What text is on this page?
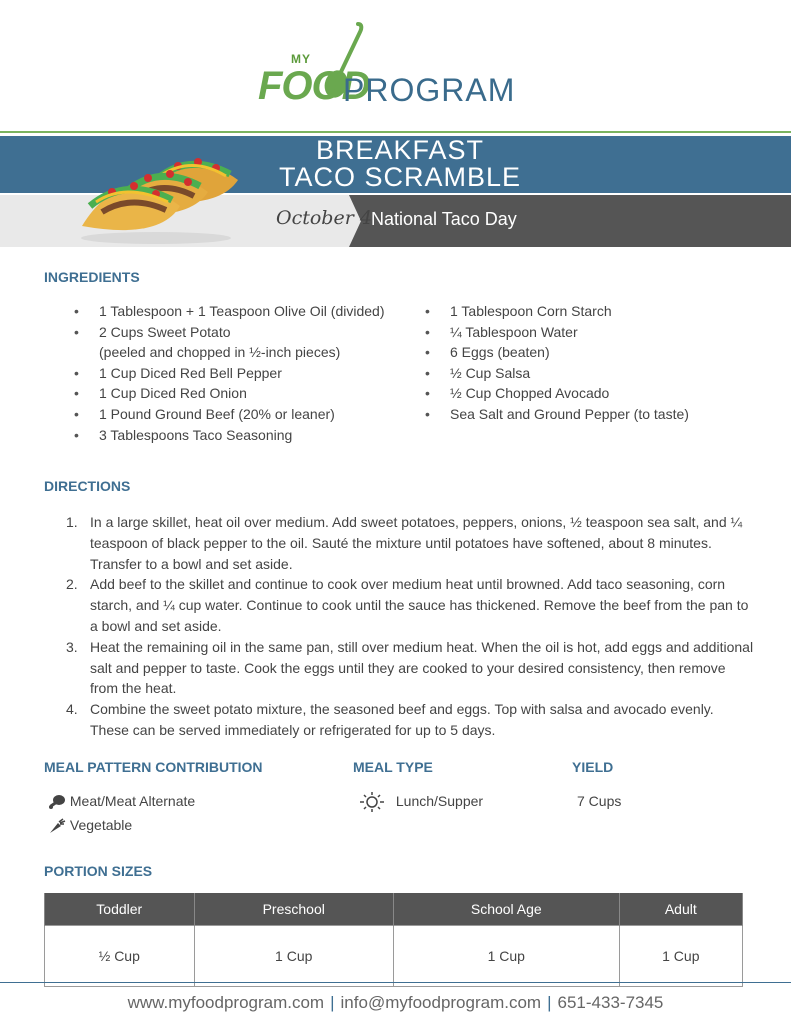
MY
FOOD
PROGRAM
BREAKFAST
TACO SCRAMBLE
October 4 National Taco Day
INGREDIENTS
• 1 Tablespoon + 1 Teaspoon Olive Oil (divided)
• 2 Cups Sweet Potato
(peeled and chopped in ½-inch pieces)
• 1 Cup Diced Red Bell Pepper
• 1 Cup Diced Red Onion
• 1 Pound Ground Beef (20% or leaner)
• 3 Tablespoons Taco Seasoning
• 1 Tablespoon Corn Starch
• ¼ Tablespoon Water
• 6 Eggs (beaten)
• ½ Cup Salsa
• ½ Cup Chopped Avocado
• Sea Salt and Ground Pepper (to taste)
DIRECTIONS
1. In a large skillet, heat oil over medium. Add sweet potatoes, peppers, onions, ½ teaspoon sea salt, and ¼ teaspoon of black pepper to the oil. Sauté the mixture until potatoes have softened, about 8 minutes. Transfer to a bowl and set aside.
2. Add beef to the skillet and continue to cook over medium heat until browned. Add taco seasoning, corn starch, and ¼ cup water. Continue to cook until the sauce has thickened. Remove the beef from the pan to a bowl and set aside.
3. Heat the remaining oil in the same pan, still over medium heat. When the oil is hot, add eggs and additional salt and pepper to taste. Cook the eggs until they are cooked to your desired consistency, then remove from the heat.
4. Combine the sweet potato mixture, the seasoned beef and eggs. Top with salsa and avocado evenly. These can be served immediately or refrigerated for up to 5 days.
MEAL PATTERN CONTRIBUTION
Meat/Meat Alternate
Vegetable
MEAL TYPE
Lunch/Supper
YIELD
7 Cups
PORTION SIZES
Toddler	Preschool	School Age	Adult
½ Cup	1 Cup	1 Cup	1 Cup
www.myfoodprogram.com | info@myfoodprogram.com | 651-433-7345
